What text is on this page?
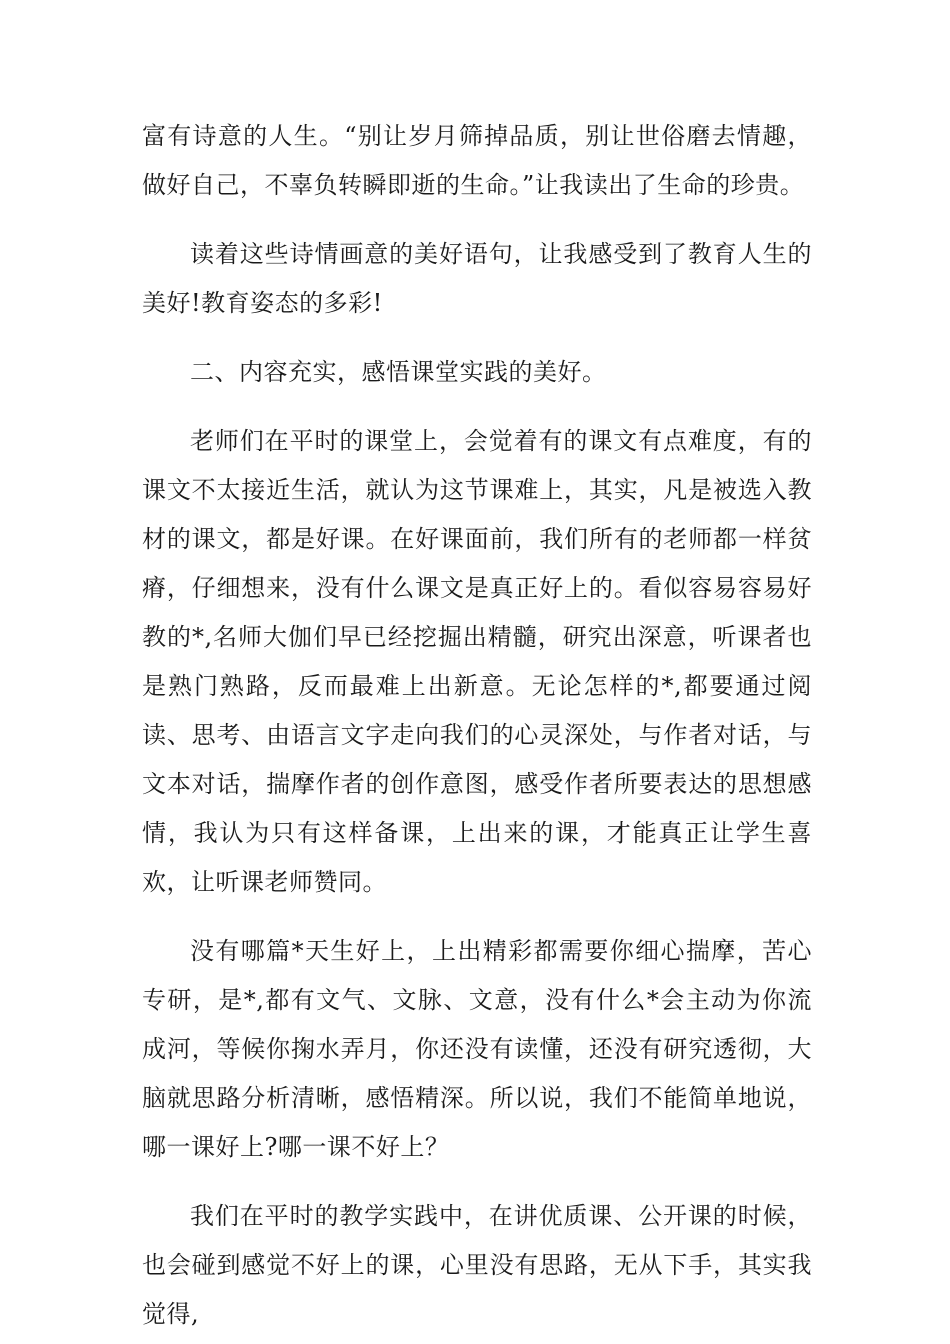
富有诗意的人生。“别让岁月筛掉品质，别让世俗磨去情趣，做好自己，不辜负转瞬即逝的生命。”让我读出了生命的珍贵。

读着这些诗情画意的美好语句，让我感受到了教育人生的美好!教育姿态的多彩!

二、内容充实，感悟课堂实践的美好。

老师们在平时的课堂上，会觉着有的课文有点难度，有的课文不太接近生活，就认为这节课难上，其实，凡是被选入教材的课文，都是好课。在好课面前，我们所有的老师都一样贫瘠，仔细想来，没有什么课文是真正好上的。看似容易容易好教的*,名师大伽们早已经挖掘出精髓，研究出深意，听课者也是熟门熟路，反而最难上出新意。无论怎样的*,都要通过阅读、思考、由语言文字走向我们的心灵深处，与作者对话，与文本对话，揣摩作者的创作意图，感受作者所要表达的思想感情，我认为只有这样备课，上出来的课，才能真正让学生喜欢，让听课老师赞同。

没有哪篇*天生好上，上出精彩都需要你细心揣摩，苦心专研，是*,都有文气、文脉、文意，没有什么*会主动为你流成河，等候你掬水弄月，你还没有读懂，还没有研究透彻，大脑就思路分析清晰，感悟精深。所以说，我们不能简单地说，哪一课好上?哪一课不好上？

我们在平时的教学实践中，在讲优质课、公开课的时候，也会碰到感觉不好上的课，心里没有思路，无从下手，其实我觉得,
